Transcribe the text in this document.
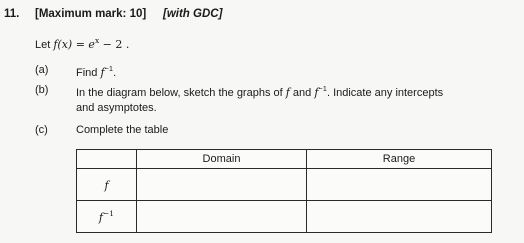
11. [Maximum mark: 10] [with GDC]
Let $f(x) = e^x - 2$ .
(a)	Find $f^{-1}$.
(b)	In the diagram below, sketch the graphs of f and $f^{-1}$. Indicate any intercepts
and asymptotes.
(c)	Complete the table
	Domain	Range
f		
$f^{-1}$		
